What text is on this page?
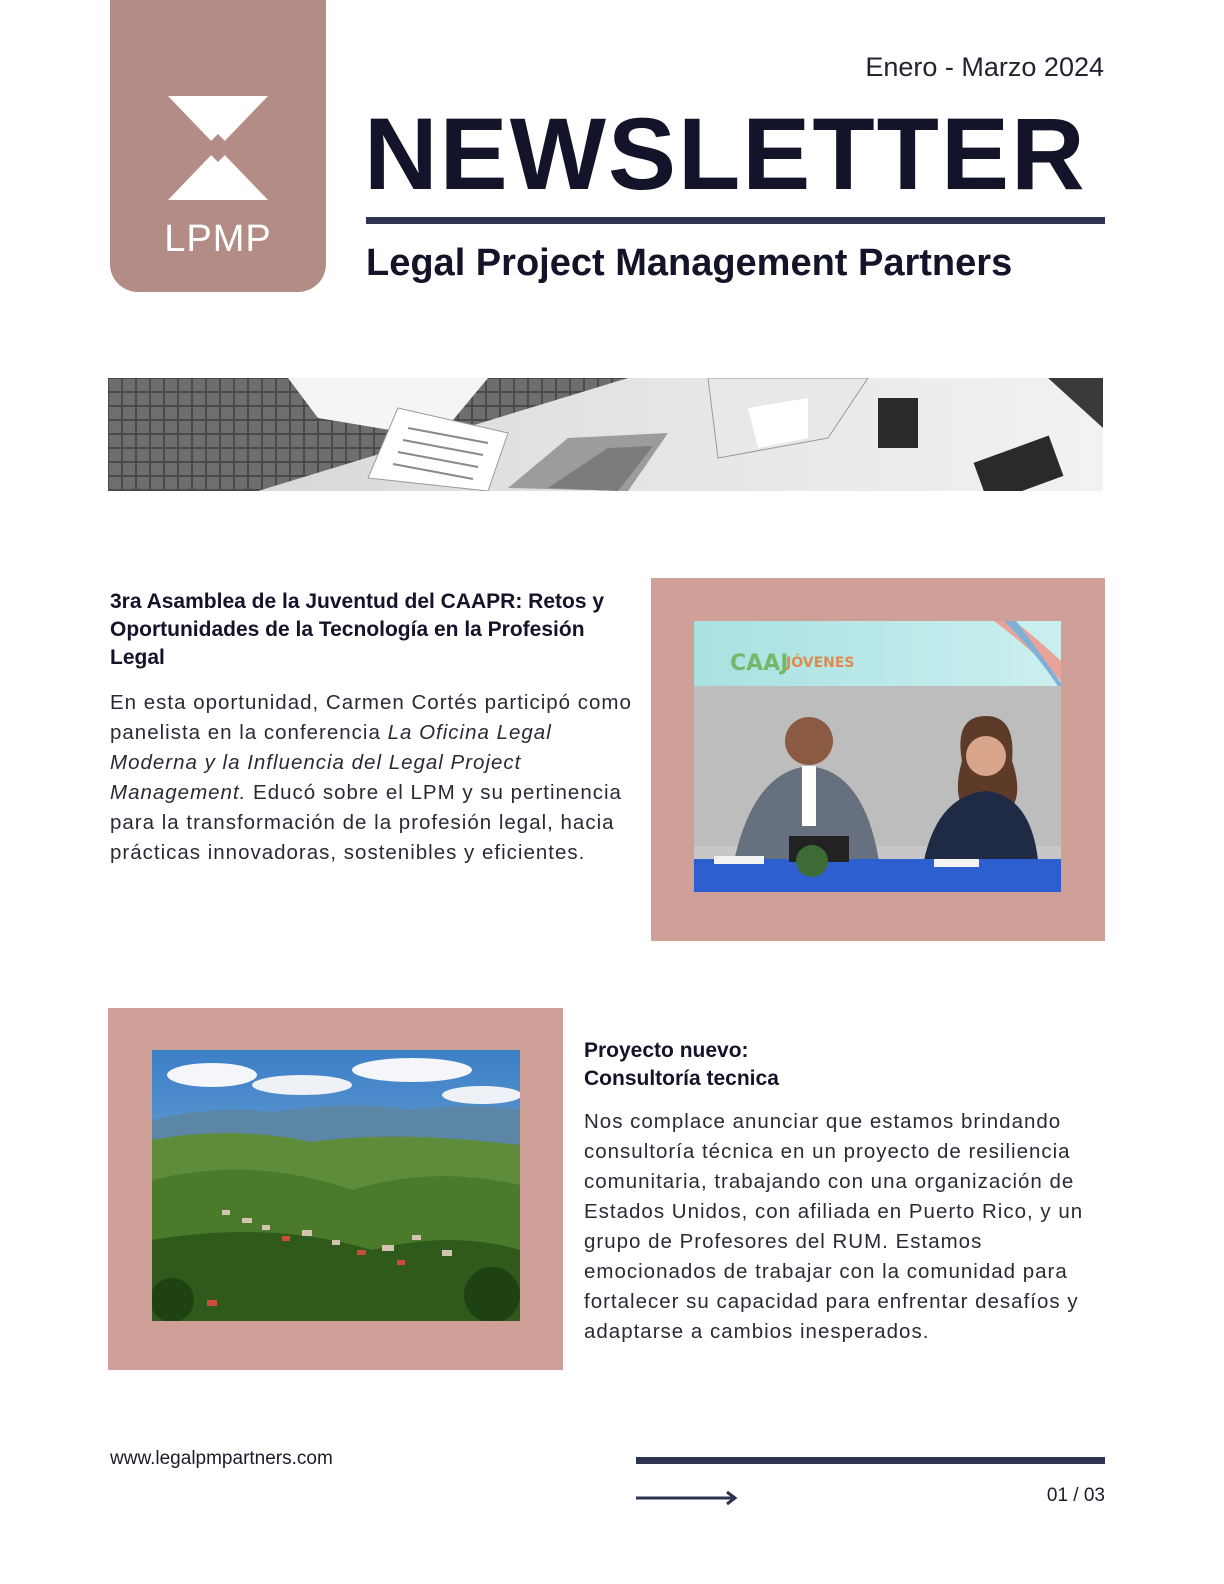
LPMP
Enero - Marzo 2024
NEWSLETTER
Legal Project Management Partners
3ra Asamblea de la Juventud del CAAPR: Retos y Oportunidades de la Tecnología en la Profesión Legal
En esta oportunidad, Carmen Cortés participó como panelista en la conferencia La Oficina Legal Moderna y la Influencia del Legal Project Management. Educó sobre el LPM y su pertinencia para la transformación de la profesión legal, hacia prácticas innovadoras, sostenibles y eficientes.
CAAJ
JÓVENES
Proyecto nuevo:
Consultoría tecnica
Nos complace anunciar que estamos brindando consultoría técnica en un proyecto de resiliencia comunitaria, trabajando con una organización de Estados Unidos, con afiliada en Puerto Rico, y un grupo de Profesores del RUM. Estamos emocionados de trabajar con la comunidad para fortalecer su capacidad para enfrentar desafíos y adaptarse a cambios inesperados.
www.legalpmpartners.com
01 / 03
